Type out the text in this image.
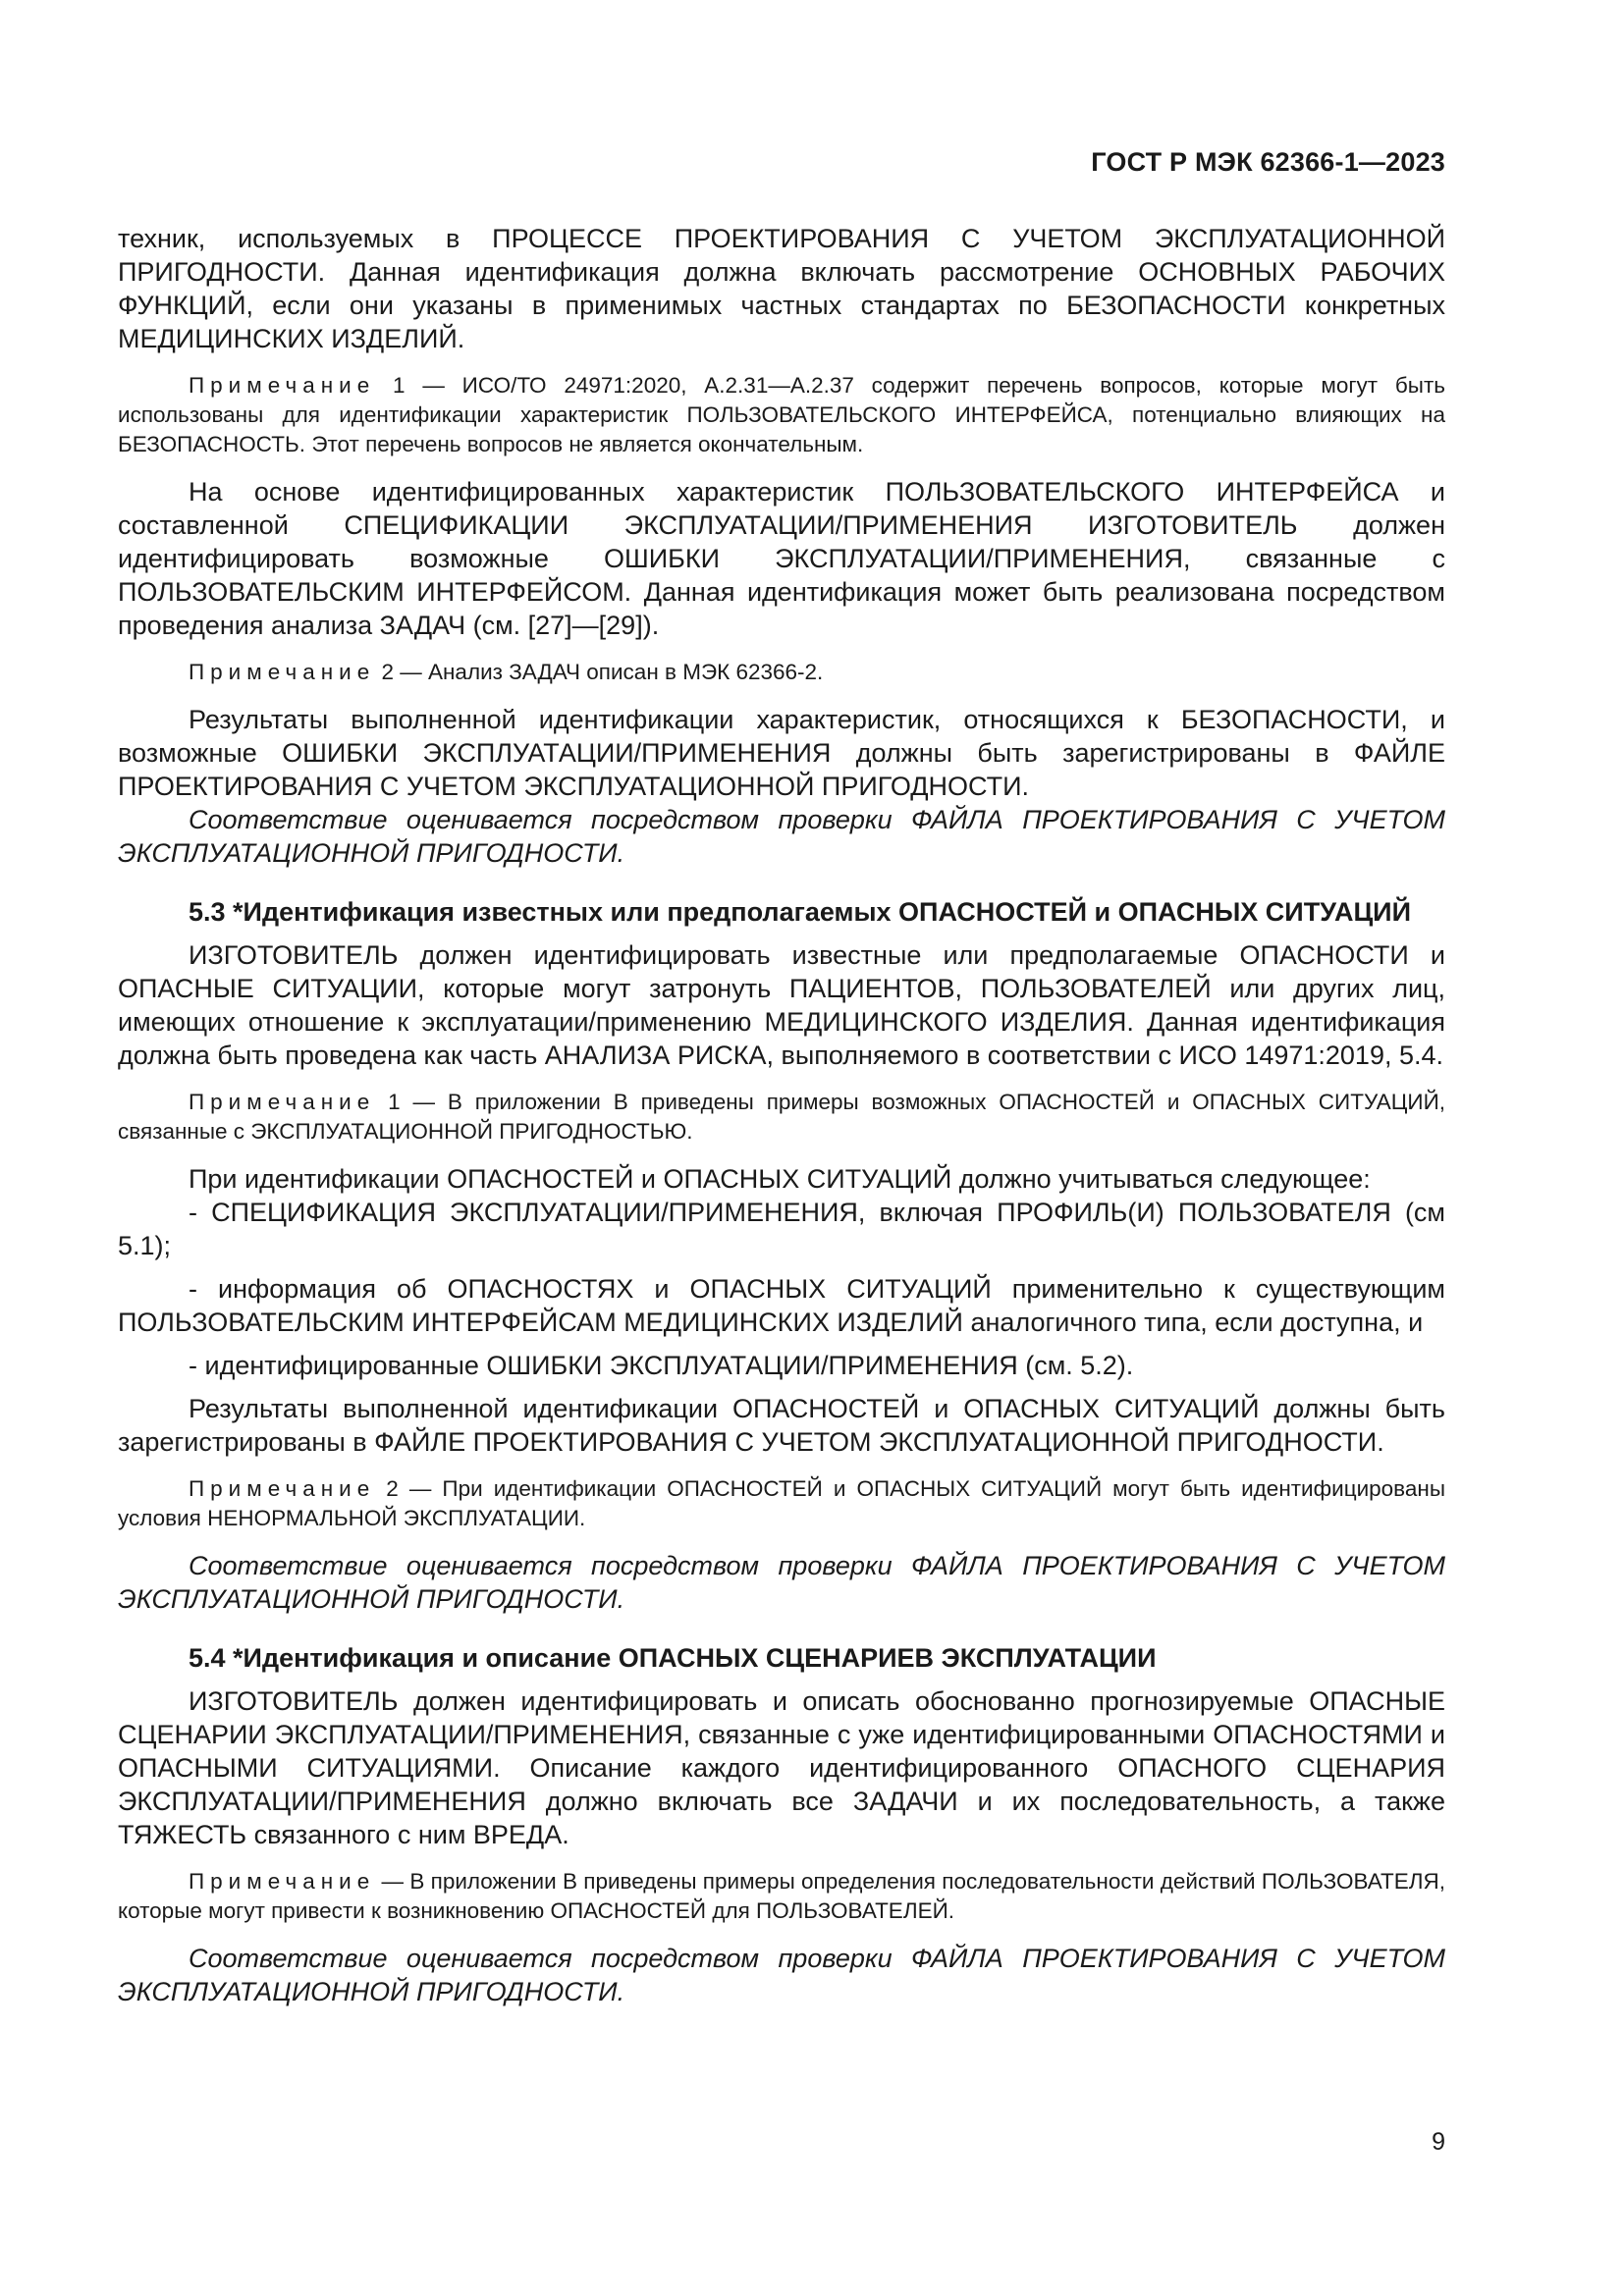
ГОСТ Р МЭК 62366-1—2023

техник, используемых в ПРОЦЕССЕ ПРОЕКТИРОВАНИЯ С УЧЕТОМ ЭКСПЛУАТАЦИОННОЙ ПРИГОДНОСТИ. Данная идентификация должна включать рассмотрение ОСНОВНЫХ РАБОЧИХ ФУНКЦИЙ, если они указаны в применимых частных стандартах по БЕЗОПАСНОСТИ конкретных МЕДИЦИНСКИХ ИЗДЕЛИЙ.

Примечание 1 — ИСО/ТО 24971:2020, А.2.31—А.2.37 содержит перечень вопросов, которые могут быть использованы для идентификации характеристик ПОЛЬЗОВАТЕЛЬСКОГО ИНТЕРФЕЙСА, потенциально влияющих на БЕЗОПАСНОСТЬ. Этот перечень вопросов не является окончательным.

На основе идентифицированных характеристик ПОЛЬЗОВАТЕЛЬСКОГО ИНТЕРФЕЙСА и составленной СПЕЦИФИКАЦИИ ЭКСПЛУАТАЦИИ/ПРИМЕНЕНИЯ ИЗГОТОВИТЕЛЬ должен идентифицировать возможные ОШИБКИ ЭКСПЛУАТАЦИИ/ПРИМЕНЕНИЯ, связанные с ПОЛЬЗОВАТЕЛЬСКИМ ИНТЕРФЕЙСОМ. Данная идентификация может быть реализована посредством проведения анализа ЗАДАЧ (см. [27]—[29]).

Примечание 2 — Анализ ЗАДАЧ описан в МЭК 62366-2.

Результаты выполненной идентификации характеристик, относящихся к БЕЗОПАСНОСТИ, и возможные ОШИБКИ ЭКСПЛУАТАЦИИ/ПРИМЕНЕНИЯ должны быть зарегистрированы в ФАЙЛЕ ПРОЕКТИРОВАНИЯ С УЧЕТОМ ЭКСПЛУАТАЦИОННОЙ ПРИГОДНОСТИ.

Соответствие оценивается посредством проверки ФАЙЛА ПРОЕКТИРОВАНИЯ С УЧЕТОМ ЭКСПЛУАТАЦИОННОЙ ПРИГОДНОСТИ.

5.3 *Идентификация известных или предполагаемых ОПАСНОСТЕЙ и ОПАСНЫХ СИТУАЦИЙ

ИЗГОТОВИТЕЛЬ должен идентифицировать известные или предполагаемые ОПАСНОСТИ и ОПАСНЫЕ СИТУАЦИИ, которые могут затронуть ПАЦИЕНТОВ, ПОЛЬЗОВАТЕЛЕЙ или других лиц, имеющих отношение к эксплуатации/применению МЕДИЦИНСКОГО ИЗДЕЛИЯ. Данная идентификация должна быть проведена как часть АНАЛИЗА РИСКА, выполняемого в соответствии с ИСО 14971:2019, 5.4.

Примечание 1 — В приложении В приведены примеры возможных ОПАСНОСТЕЙ и ОПАСНЫХ СИТУАЦИЙ, связанные с ЭКСПЛУАТАЦИОННОЙ ПРИГОДНОСТЬЮ.

При идентификации ОПАСНОСТЕЙ и ОПАСНЫХ СИТУАЦИЙ должно учитываться следующее:

- СПЕЦИФИКАЦИЯ ЭКСПЛУАТАЦИИ/ПРИМЕНЕНИЯ, включая ПРОФИЛЬ(И) ПОЛЬЗОВАТЕЛЯ (см 5.1);

- информация об ОПАСНОСТЯХ и ОПАСНЫХ СИТУАЦИЙ применительно к существующим ПОЛЬЗОВАТЕЛЬСКИМ ИНТЕРФЕЙСАМ МЕДИЦИНСКИХ ИЗДЕЛИЙ аналогичного типа, если доступна, и

- идентифицированные ОШИБКИ ЭКСПЛУАТАЦИИ/ПРИМЕНЕНИЯ (см. 5.2).

Результаты выполненной идентификации ОПАСНОСТЕЙ и ОПАСНЫХ СИТУАЦИЙ должны быть зарегистрированы в ФАЙЛЕ ПРОЕКТИРОВАНИЯ С УЧЕТОМ ЭКСПЛУАТАЦИОННОЙ ПРИГОДНОСТИ.

Примечание 2 — При идентификации ОПАСНОСТЕЙ и ОПАСНЫХ СИТУАЦИЙ могут быть идентифицированы условия НЕНОРМАЛЬНОЙ ЭКСПЛУАТАЦИИ.

Соответствие оценивается посредством проверки ФАЙЛА ПРОЕКТИРОВАНИЯ С УЧЕТОМ ЭКСПЛУАТАЦИОННОЙ ПРИГОДНОСТИ.

5.4 *Идентификация и описание ОПАСНЫХ СЦЕНАРИЕВ ЭКСПЛУАТАЦИИ

ИЗГОТОВИТЕЛЬ должен идентифицировать и описать обоснованно прогнозируемые ОПАСНЫЕ СЦЕНАРИИ ЭКСПЛУАТАЦИИ/ПРИМЕНЕНИЯ, связанные с уже идентифицированными ОПАСНОСТЯМИ и ОПАСНЫМИ СИТУАЦИЯМИ. Описание каждого идентифицированного ОПАСНОГО СЦЕНАРИЯ ЭКСПЛУАТАЦИИ/ПРИМЕНЕНИЯ должно включать все ЗАДАЧИ и их последовательность, а также ТЯЖЕСТЬ связанного с ним ВРЕДА.

Примечание — В приложении В приведены примеры определения последовательности действий ПОЛЬЗОВАТЕЛЯ, которые могут привести к возникновению ОПАСНОСТЕЙ для ПОЛЬЗОВАТЕЛЕЙ.

Соответствие оценивается посредством проверки ФАЙЛА ПРОЕКТИРОВАНИЯ С УЧЕТОМ ЭКСПЛУАТАЦИОННОЙ ПРИГОДНОСТИ.

9
